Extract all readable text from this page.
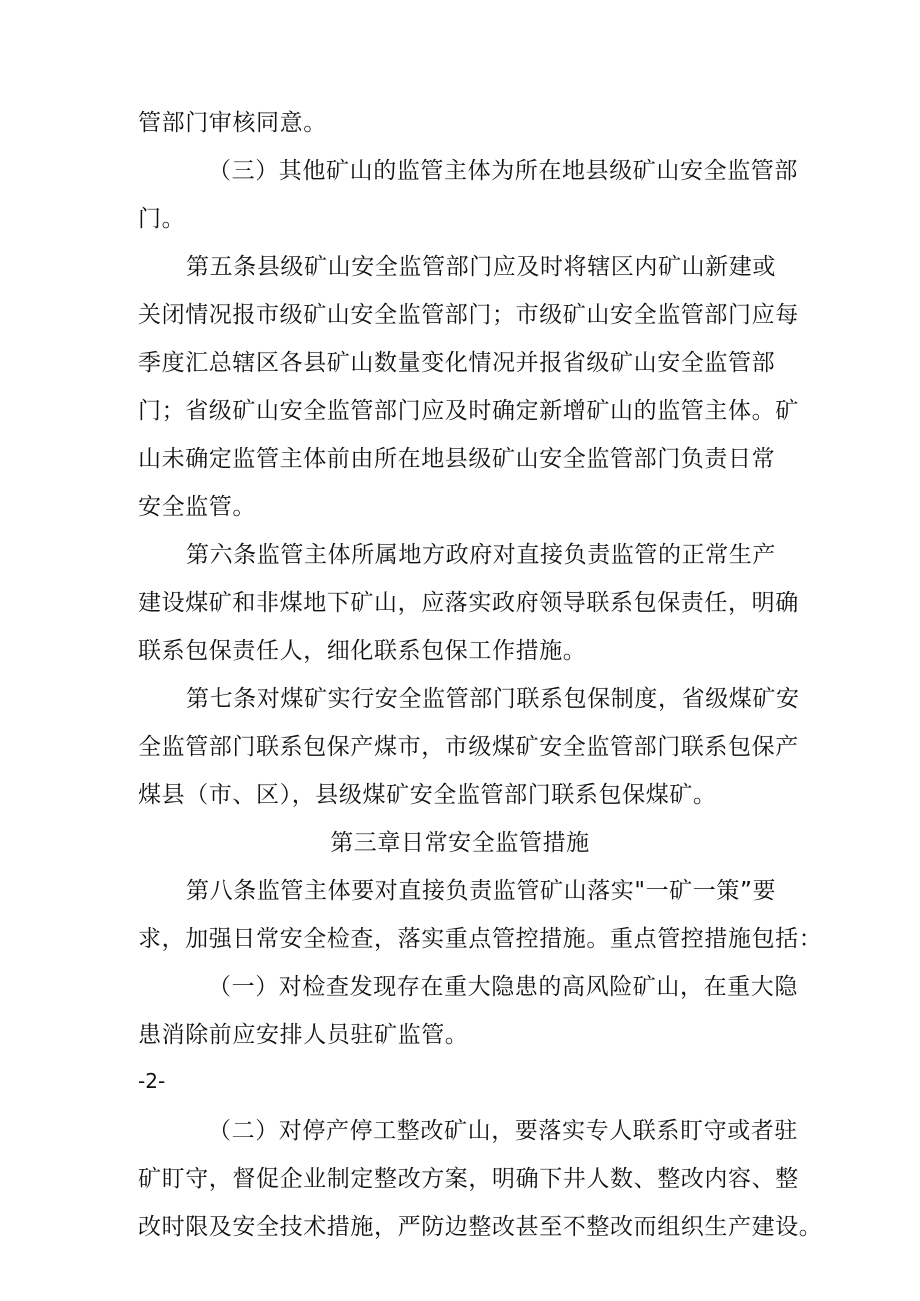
管部门审核同意。
（三）其他矿山的监管主体为所在地县级矿山安全监管部
门。
第五条县级矿山安全监管部门应及时将辖区内矿山新建或
关闭情况报市级矿山安全监管部门；市级矿山安全监管部门应每
季度汇总辖区各县矿山数量变化情况并报省级矿山安全监管部
门；省级矿山安全监管部门应及时确定新增矿山的监管主体。矿
山未确定监管主体前由所在地县级矿山安全监管部门负责日常
安全监管。
第六条监管主体所属地方政府对直接负责监管的正常生产
建设煤矿和非煤地下矿山，应落实政府领导联系包保责任，明确
联系包保责任人，细化联系包保工作措施。
第七条对煤矿实行安全监管部门联系包保制度，省级煤矿安
全监管部门联系包保产煤市，市级煤矿安全监管部门联系包保产
煤县（市、区），县级煤矿安全监管部门联系包保煤矿。
第三章日常安全监管措施
第八条监管主体要对直接负责监管矿山落实"一矿一策”要
求，加强日常安全检查，落实重点管控措施。重点管控措施包括：
（一）对检查发现存在重大隐患的高风险矿山，在重大隐
患消除前应安排人员驻矿监管。
-2-
（二）对停产停工整改矿山，要落实专人联系盯守或者驻
矿盯守，督促企业制定整改方案，明确下井人数、整改内容、整
改时限及安全技术措施，严防边整改甚至不整改而组织生产建设。
